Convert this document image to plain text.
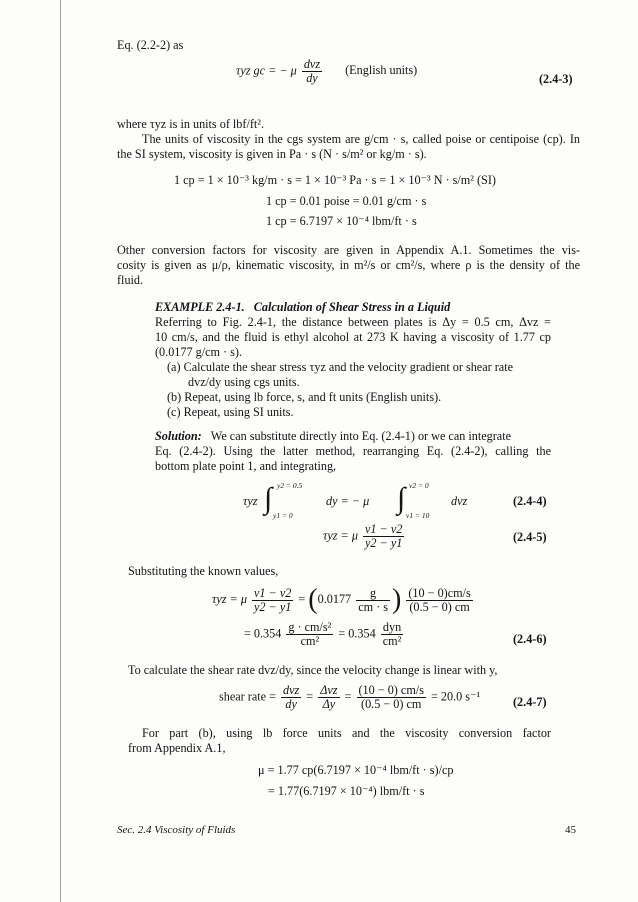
Eq. (2.2-2) as
τyz gc = − μ $\frac{\text{dvz}}{dy}$ (English units)
(2.4-3)
where τyz is in units of lbf/ft².
The units of viscosity in the cgs system are g/cm · s, called poise or centipoise (cp). In
the SI system, viscosity is given in Pa · s (N · s/m² or kg/m · s).
1 cp = 1 × 10⁻³ kg/m · s = 1 × 10⁻³ Pa · s = 1 × 10⁻³ N · s/m² (SI)
1 cp = 0.01 poise = 0.01 g/cm · s
1 cp = 6.7197 × 10⁻⁴ lbm/ft · s
Other conversion factors for viscosity are given in Appendix A.1. Sometimes the vis-
cosity is given as μ/ρ, kinematic viscosity, in m²/s or cm²/s, where ρ is the density of the
fluid.
EXAMPLE 2.4-1. Calculation of Shear Stress in a Liquid
Referring to Fig. 2.4-1, the distance between plates is Δy = 0.5 cm, Δvz =
10 cm/s, and the fluid is ethyl alcohol at 273 K having a viscosity of 1.77 cp
(0.0177 g/cm · s).
(a) Calculate the shear stress τyz and the velocity gradient or shear rate
dvz/dy using cgs units.
(b) Repeat, using lb force, s, and ft units (English units).
(c) Repeat, using SI units.
Solution: We can substitute directly into Eq. (2.4-1) or we can integrate
Eq. (2.4-2). Using the latter method, rearranging Eq. (2.4-2), calling the
bottom plate point 1, and integrating,
τyz ∫ y2 = 0.5
y1 = 0
dy = − μ ∫ v2 = 0
v1 = 10
dvz	(2.4-4)
τyz = μ $\frac{v1 - v2}{y2 - y1}$	(2.4-5)
Substituting the known values,
τyz = μ $\frac{v1 - v2}{y2 - y1} = (0.0177 \frac{g}{cm \cdot s}$ ) $\frac{(10 - 0)cm/s}{(0.5 - 0) cm}$
= $0.354 \frac{\text{g · cm/s²}}{\text{cm²}} = 0.354 \frac{\text{dyn}}{\text{cm²}}$	(2.4-6)
To calculate the shear rate dvz/dy, since the velocity change is linear with y,
shear rate = $\frac{\text{dvz}}{dy} = \frac{\text{Δvz}}{\Delta y} = \frac{(10 - 0) cm/s}{(0.5 - 0) cm} = 20.0$ s⁻¹	(2.4-7)
For part (b), using lb force units and the viscosity conversion factor
from Appendix A.1,
μ = 1.77 cp(6.7197 × 10⁻⁴ lbm/ft · s)/cp
= 1.77(6.7197 × 10⁻⁴) lbm/ft · s
Sec. 2.4 Viscosity of Fluids	45
